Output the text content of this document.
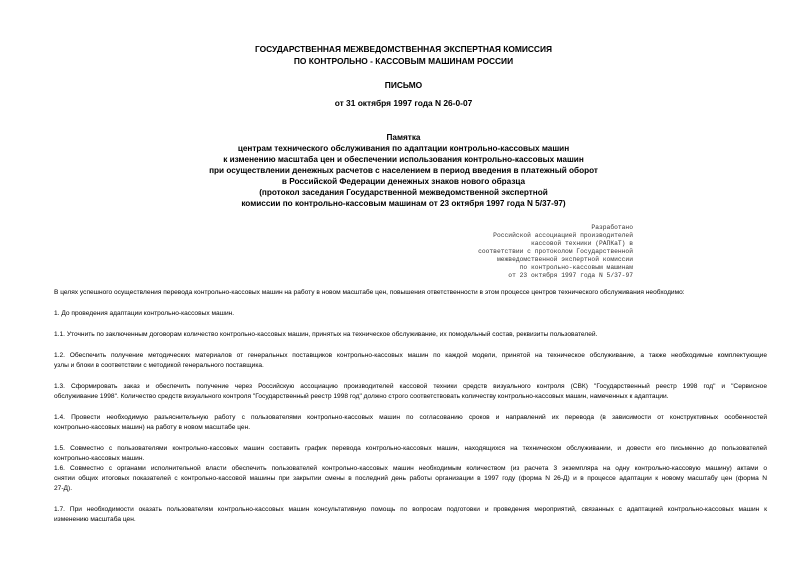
ГОСУДАРСТВЕННАЯ МЕЖВЕДОМСТВЕННАЯ ЭКСПЕРТНАЯ КОМИССИЯ
ПО КОНТРОЛЬНО - КАССОВЫМ МАШИНАМ РОССИИ
ПИСЬМО
от 31 октября 1997 года N 26-0-07
Памятка
центрам технического обслуживания по адаптации контрольно-кассовых машин
к изменению масштаба цен и обеспечении использования контрольно-кассовых машин
при осуществлении денежных расчетов с населением в период введения в платежный оборот
в Российской Федерации денежных знаков нового образца
(протокол заседания Государственной межведомственной экспертной
комиссии по контрольно-кассовым машинам от 23 октября 1997 года N 5/37-97)
Разработано
Российской ассоциацией производителей
кассовой техники (РАПКаТ) в
соответствии с протоколом Государственной
межведомственной экспертной комиссии
по контрольно-кассовым машинам
от 23 октября 1997 года N 5/37-97
В целях успешного осуществления перевода контрольно-кассовых машин на работу в новом масштабе цен, повышения ответственности в этом процессе центров технического обслуживания необходимо:
1. До проведения адаптации контрольно-кассовых машин.
1.1. Уточнить по заключенным договорам количество контрольно-кассовых машин, принятых на техническое обслуживание, их помодельный состав, реквизиты пользователей.
1.2. Обеспечить получение методических материалов от генеральных поставщиков контрольно-кассовых машин по каждой модели, принятой на техническое обслуживание, а также необходимые комплектующие
узлы и блоки в соответствии с методикой генерального поставщика.
1.3. Сформировать заказ и обеспечить получение через Российскую ассоциацию производителей кассовой техники средств визуального контроля (СВК) "Государственный реестр 1998 год" и "Сервисное
обслуживание 1998". Количество средств визуального контроля "Государственный реестр 1998 год" должно строго соответствовать количеству контрольно-кассовых машин, намеченных к адаптации.
1.4. Провести необходимую разъяснительную работу с пользователями контрольно-кассовых машин по согласованию сроков и направлений их перевода (в зависимости от конструктивных особенностей
контрольно-кассовых машин) на работу в новом масштабе цен.
1.5. Совместно с пользователями контрольно-кассовых машин составить график перевода контрольно-кассовых машин, находящихся на техническом обслуживании, и довести его письменно до пользователей
контрольно-кассовых машин.
1.6. Совместно с органами исполнительной власти обеспечить пользователей контрольно-кассовых машин необходимым количеством (из расчета 3 экземпляра на одну контрольно-кассовую машину) актами о
снятии общих итоговых показателей с контрольно-кассовой машины при закрытии смены в последний день работы организации в 1997 году (форма N 26-Д) и в процессе адаптации к новому масштабу цен (форма N
27-Д).
1.7. При необходимости оказать пользователям контрольно-кассовых машин консультативную помощь по вопросам подготовки и проведения мероприятий, связанных с адаптацией контрольно-кассовых машин к
изменению масштаба цен.
